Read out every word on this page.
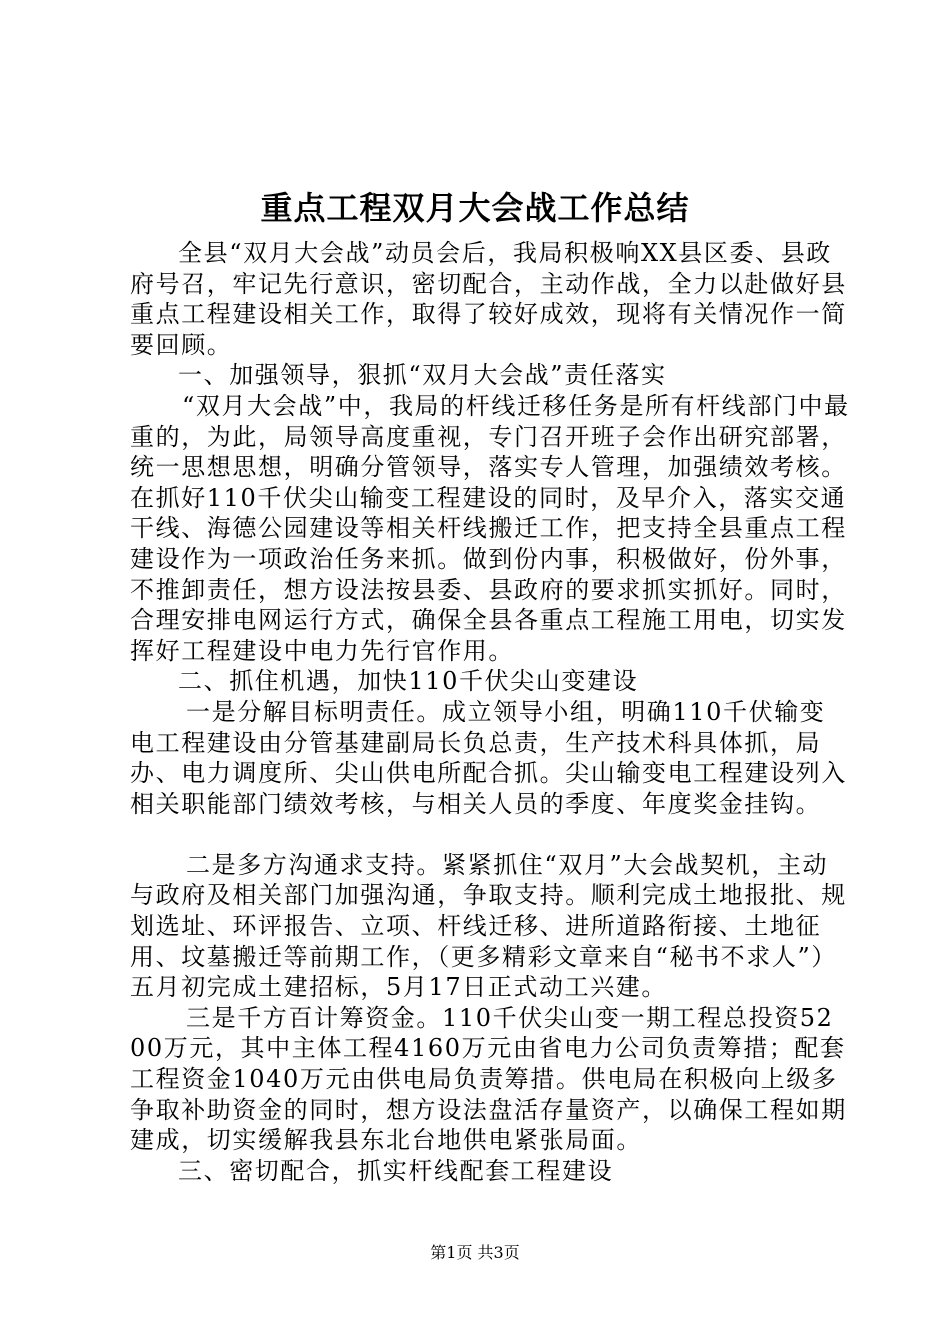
重点工程双月大会战工作总结

全县“双月大会战”动员会后，我局积极响XX县区委、县政府号召，牢记先行意识，密切配合，主动作战，全力以赴做好县重点工程建设相关工作，取得了较好成效，现将有关情况作一简要回顾。

一、加强领导，狠抓“双月大会战”责任落实

“双月大会战”中，我局的杆线迁移任务是所有杆线部门中最重的，为此，局领导高度重视，专门召开班子会作出研究部署，统一思想思想，明确分管领导，落实专人管理，加强绩效考核。在抓好110千伏尖山输变工程建设的同时，及早介入，落实交通干线、海德公园建设等相关杆线搬迁工作，把支持全县重点工程建设作为一项政治任务来抓。做到份内事，积极做好，份外事，不推卸责任，想方设法按县委、县政府的要求抓实抓好。同时，合理安排电网运行方式，确保全县各重点工程施工用电，切实发挥好工程建设中电力先行官作用。

二、抓住机遇，加快110千伏尖山变建设

一是分解目标明责任。成立领导小组，明确110千伏输变电工程建设由分管基建副局长负总责，生产技术科具体抓，局办、电力调度所、尖山供电所配合抓。尖山输变电工程建设列入相关职能部门绩效考核，与相关人员的季度、年度奖金挂钩。

二是多方沟通求支持。紧紧抓住“双月”大会战契机，主动与政府及相关部门加强沟通，争取支持。顺利完成土地报批、规划选址、环评报告、立项、杆线迁移、进所道路衔接、土地征用、坟墓搬迁等前期工作，（更多精彩文章来自“秘书不求人”）五月初完成土建招标，5月17日正式动工兴建。

三是千方百计筹资金。110千伏尖山变一期工程总投资5200万元，其中主体工程4160万元由省电力公司负责筹措；配套工程资金1040万元由供电局负责筹措。供电局在积极向上级多争取补助资金的同时，想方设法盘活存量资产，以确保工程如期建成，切实缓解我县东北台地供电紧张局面。

三、密切配合，抓实杆线配套工程建设

第1页 共3页
